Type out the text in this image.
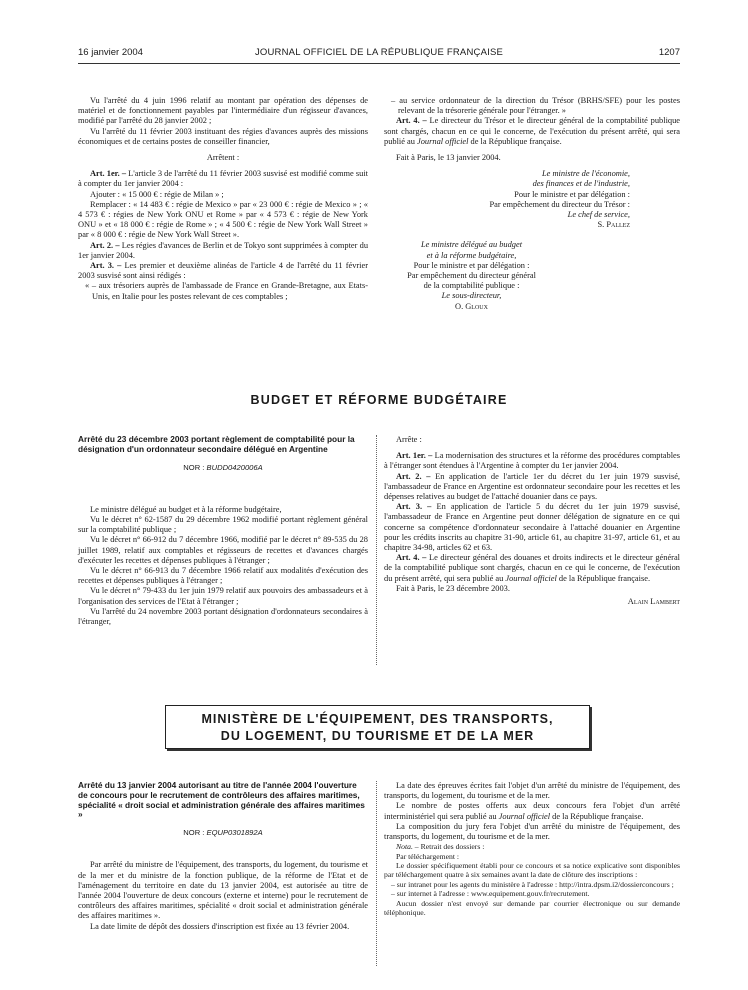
16 janvier 2004	JOURNAL OFFICIEL DE LA RÉPUBLIQUE FRANÇAISE	1207

Vu l'arrêté du 4 juin 1996 relatif au montant par opération des dépenses de matériel et de fonctionnement payables par l'intermédiaire d'un régisseur d'avances, modifié par l'arrêté du 28 janvier 2002 ;

Vu l'arrêté du 11 février 2003 instituant des régies d'avances auprès des missions économiques et de certains postes de conseiller financier,

Arrêtent :

Art. 1er. – L'article 3 de l'arrêté du 11 février 2003 susvisé est modifié comme suit à compter du 1er janvier 2004 :

Ajouter : « 15 000 € : régie de Milan » ;

Remplacer : « 14 483 € : régie de Mexico » par « 23 000 € : régie de Mexico » ; « 4 573 € : régies de New York ONU et Rome » par « 4 573 € : régie de New York ONU » et « 18 000 € : régie de Rome » ; « 4 500 € : régie de New York Wall Street » par « 8 000 € : régie de New York Wall Street ».

Art. 2. – Les régies d'avances de Berlin et de Tokyo sont supprimées à compter du 1er janvier 2004.

Art. 3. – Les premier et deuxième alinéas de l'article 4 de l'arrêté du 11 février 2003 susvisé sont ainsi rédigés :

« – aux trésoriers auprès de l'ambassade de France en Grande-Bretagne, aux Etats-Unis, en Italie pour les postes relevant de ces comptables ;

– au service ordonnateur de la direction du Trésor (BRHS/SFE) pour les postes relevant de la trésorerie générale pour l'étranger. »

Art. 4. – Le directeur du Trésor et le directeur général de la comptabilité publique sont chargés, chacun en ce qui le concerne, de l'exécution du présent arrêté, qui sera publié au Journal officiel de la République française.

Fait à Paris, le 13 janvier 2004.

Le ministre de l'économie,
des finances et de l'industrie,
Pour le ministre et par délégation :
Par empêchement du directeur du Trésor :
Le chef de service,
S. Pallez
Le ministre délégué au budget
et à la réforme budgétaire,
Pour le ministre et par délégation :
Par empêchement du directeur général
de la comptabilité publique :
Le sous-directeur,
O. Gloux
BUDGET ET RÉFORME BUDGÉTAIRE
Arrêté du 23 décembre 2003 portant règlement de comptabilité pour la désignation d'un ordonnateur secondaire délégué en Argentine
NOR : BUDD0420006A

Le ministre délégué au budget et à la réforme budgétaire,

Vu le décret n° 62-1587 du 29 décembre 1962 modifié portant règlement général sur la comptabilité publique ;

Vu le décret n° 66-912 du 7 décembre 1966, modifié par le décret n° 89-535 du 28 juillet 1989, relatif aux comptables et régisseurs de recettes et d'avances chargés d'exécuter les recettes et dépenses publiques à l'étranger ;

Vu le décret n° 66-913 du 7 décembre 1966 relatif aux modalités d'exécution des recettes et dépenses publiques à l'étranger ;

Vu le décret n° 79-433 du 1er juin 1979 relatif aux pouvoirs des ambassadeurs et à l'organisation des services de l'Etat à l'étranger ;

Vu l'arrêté du 24 novembre 2003 portant désignation d'ordonnateurs secondaires à l'étranger,

Arrête :

Art. 1er. – La modernisation des structures et la réforme des procédures comptables à l'étranger sont étendues à l'Argentine à compter du 1er janvier 2004.

Art. 2. – En application de l'article 1er du décret du 1er juin 1979 susvisé, l'ambassadeur de France en Argentine est ordonnateur secondaire pour les recettes et les dépenses relatives au budget de l'attaché douanier dans ce pays.

Art. 3. – En application de l'article 5 du décret du 1er juin 1979 susvisé, l'ambassadeur de France en Argentine peut donner délégation de signature en ce qui concerne sa compétence d'ordonnateur secondaire à l'attaché douanier en Argentine pour les crédits inscrits au chapitre 31-90, article 61, au chapitre 31-97, article 61, et au chapitre 34-98, articles 62 et 63.

Art. 4. – Le directeur général des douanes et droits indirects et le directeur général de la comptabilité publique sont chargés, chacun en ce qui le concerne, de l'exécution du présent arrêté, qui sera publié au Journal officiel de la République française.

Fait à Paris, le 23 décembre 2003.

Alain Lambert

MINISTÈRE DE L'ÉQUIPEMENT, DES TRANSPORTS,
DU LOGEMENT, DU TOURISME ET DE LA MER
Arrêté du 13 janvier 2004 autorisant au titre de l'année 2004 l'ouverture de concours pour le recrutement de contrôleurs des affaires maritimes, spécialité « droit social et administration générale des affaires maritimes »
NOR : EQUP0301892A

Par arrêté du ministre de l'équipement, des transports, du logement, du tourisme et de la mer et du ministre de la fonction publique, de la réforme de l'Etat et de l'aménagement du territoire en date du 13 janvier 2004, est autorisée au titre de l'année 2004 l'ouverture de deux concours (externe et interne) pour le recrutement de contrôleurs des affaires maritimes, spécialité « droit social et administration générale des affaires maritimes ».

La date limite de dépôt des dossiers d'inscription est fixée au 13 février 2004.

La date des épreuves écrites fait l'objet d'un arrêté du ministre de l'équipement, des transports, du logement, du tourisme et de la mer.

Le nombre de postes offerts aux deux concours fera l'objet d'un arrêté interministériel qui sera publié au Journal officiel de la République française.

La composition du jury fera l'objet d'un arrêté du ministre de l'équipement, des transports, du logement, du tourisme et de la mer.

Nota. – Retrait des dossiers :

Par téléchargement :

Le dossier spécifiquement établi pour ce concours et sa notice explicative sont disponibles par téléchargement quatre à six semaines avant la date de clôture des inscriptions :

– sur intranet pour les agents du ministère à l'adresse : http://intra.dpsm.i2/dossierconcours ;

– sur internet à l'adresse : www.equipement.gouv.fr/recrutement.

Aucun dossier n'est envoyé sur demande par courrier électronique ou sur demande téléphonique.
